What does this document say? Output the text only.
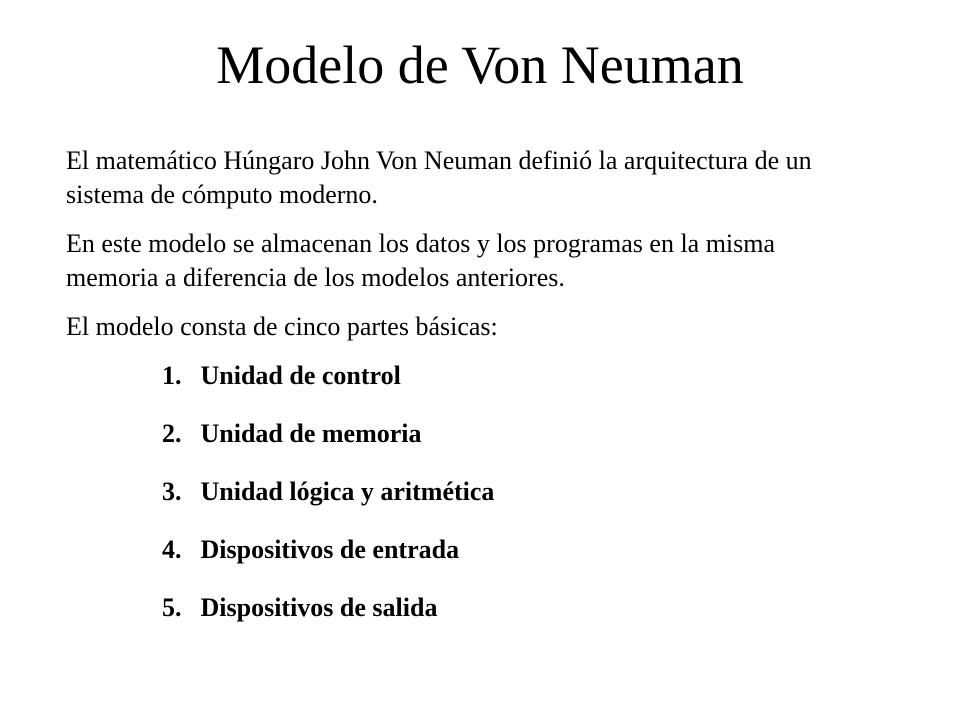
Modelo de Von Neuman

El matemático Húngaro John Von Neuman definió la arquitectura de un sistema de cómputo moderno.

En este modelo se almacenan los datos y los programas en la misma memoria a diferencia de los modelos anteriores.

El modelo consta de cinco partes básicas:

1. Unidad de control
2. Unidad de memoria
3. Unidad lógica y aritmética
4. Dispositivos de entrada
5. Dispositivos de salida
